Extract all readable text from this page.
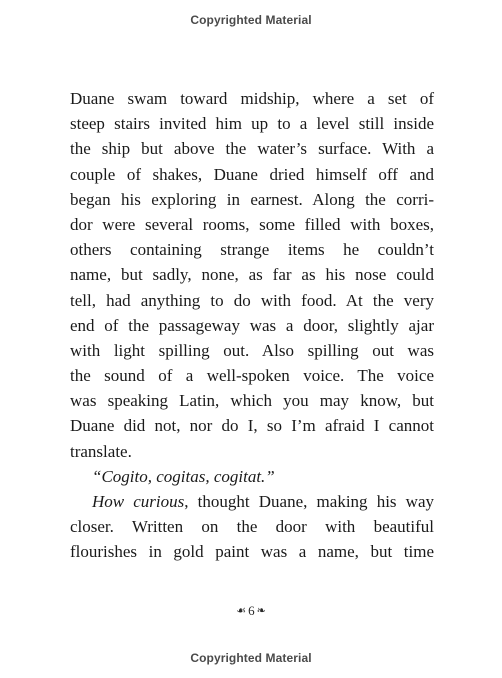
Copyrighted Material
Duane swam toward midship, where a set of
steep stairs invited him up to a level still inside
the ship but above the water’s surface. With a
couple of shakes, Duane dried himself off and
began his exploring in earnest. Along the corri-
dor were several rooms, some filled with boxes,
others containing strange items he couldn’t
name, but sadly, none, as far as his nose could
tell, had anything to do with food. At the very
end of the passageway was a door, slightly ajar
with light spilling out. Also spilling out was
the sound of a well-spoken voice. The voice
was speaking Latin, which you may know, but
Duane did not, nor do I, so I’m afraid I cannot
translate.
“Cogito, cogitas, cogitat.”
How curious, thought Duane, making his way
closer. Written on the door with beautiful
flourishes in gold paint was a name, but time
☙ 6 ❧
Copyrighted Material
